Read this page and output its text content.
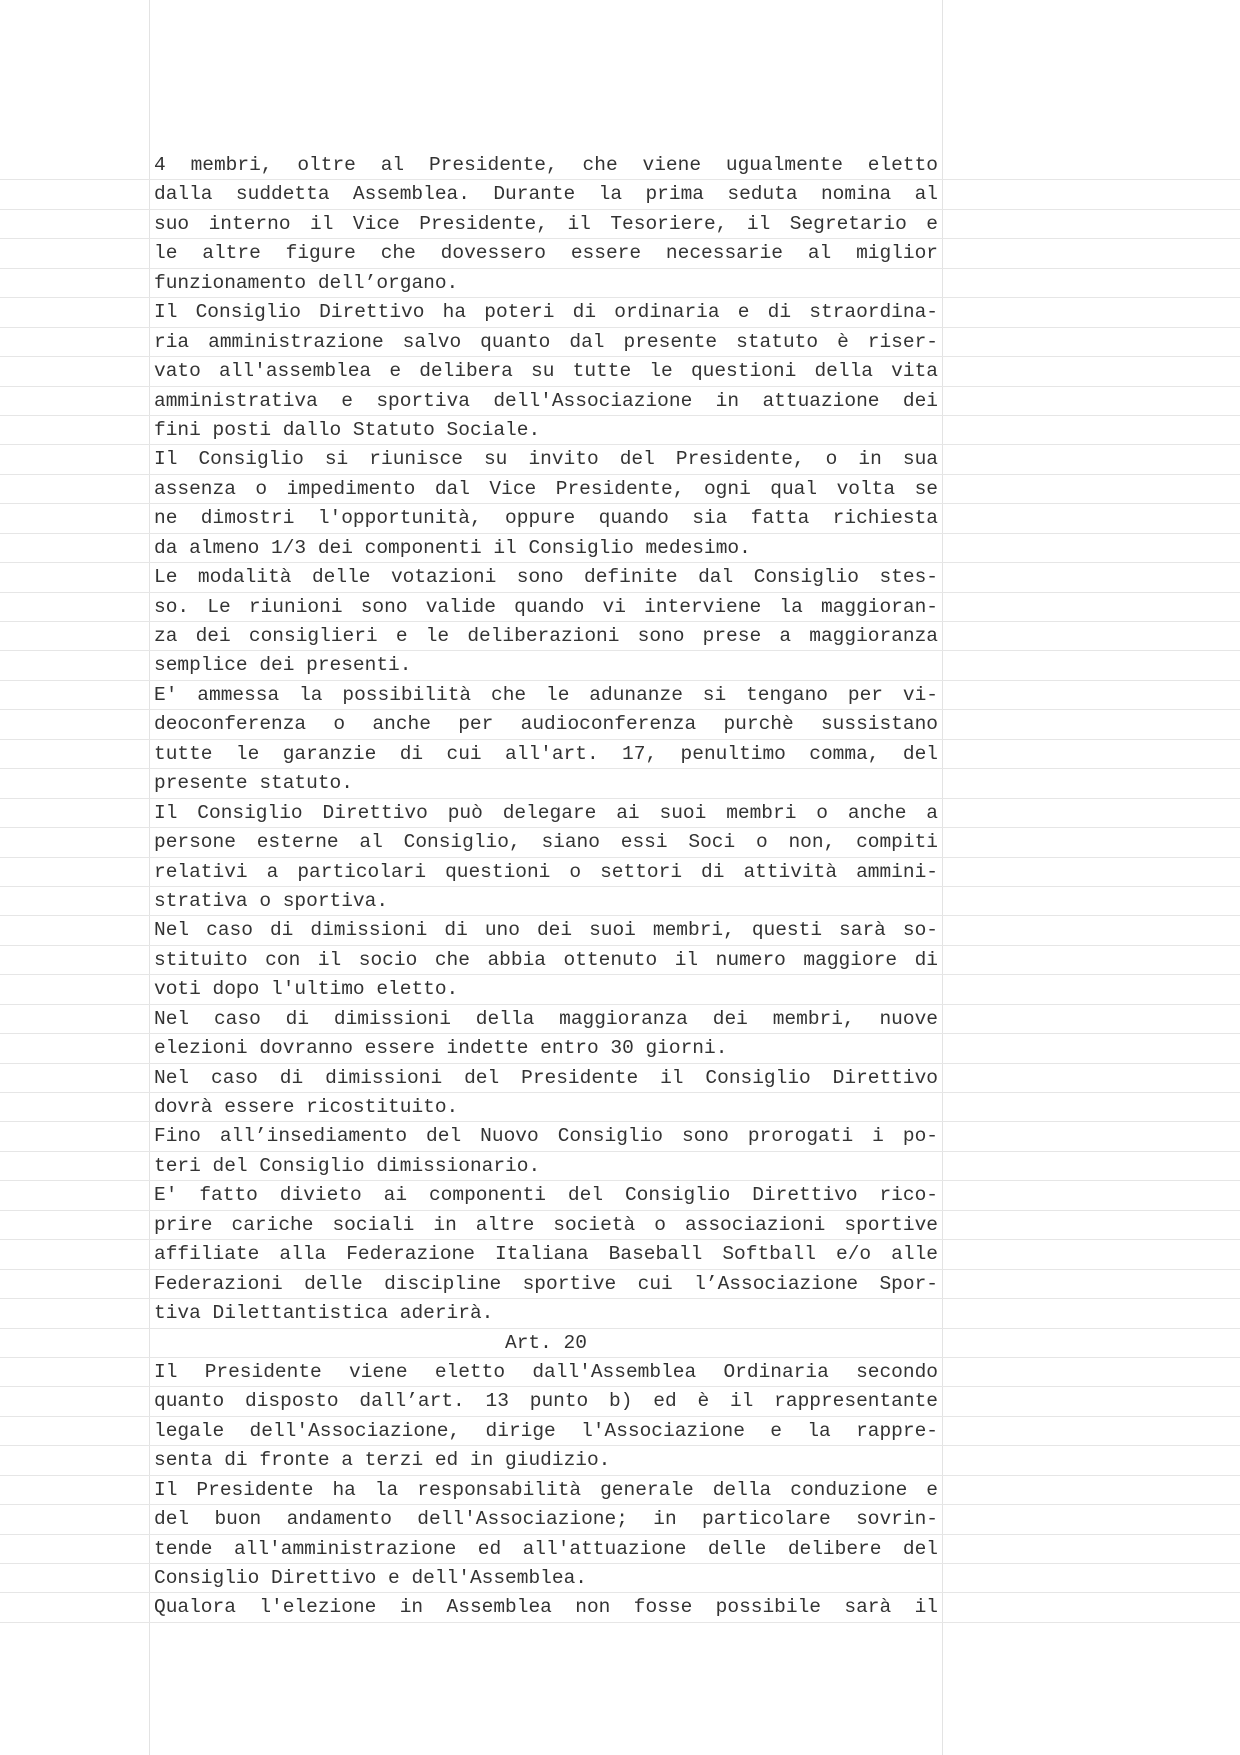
4 membri, oltre al Presidente, che viene ugualmente eletto
dalla suddetta Assemblea. Durante la prima seduta nomina al
suo interno il Vice Presidente, il Tesoriere, il Segretario e
le altre figure che dovessero essere necessarie al miglior
funzionamento dell’organo.
Il Consiglio Direttivo ha poteri di ordinaria e di straordina-
ria amministrazione salvo quanto dal presente statuto è riser-
vato all'assemblea e delibera su tutte le questioni della vita
amministrativa e sportiva dell'Associazione in attuazione dei
fini posti dallo Statuto Sociale.
Il Consiglio si riunisce su invito del Presidente, o in sua
assenza o impedimento dal Vice Presidente, ogni qual volta se
ne dimostri l'opportunità, oppure quando sia fatta richiesta
da almeno 1/3 dei componenti il Consiglio medesimo.
Le modalità delle votazioni sono definite dal Consiglio stes-
so. Le riunioni sono valide quando vi interviene la maggioran-
za dei consiglieri e le deliberazioni sono prese a maggioranza
semplice dei presenti.
E' ammessa la possibilità che le adunanze si tengano per vi-
deoconferenza o anche per audioconferenza purchè sussistano
tutte le garanzie di cui all'art. 17, penultimo comma, del
presente statuto.
Il Consiglio Direttivo può delegare ai suoi membri o anche a
persone esterne al Consiglio, siano essi Soci o non, compiti
relativi a particolari questioni o settori di attività ammini-
strativa o sportiva.
Nel caso di dimissioni di uno dei suoi membri, questi sarà so-
stituito con il socio che abbia ottenuto il numero maggiore di
voti dopo l'ultimo eletto.
Nel caso di dimissioni della maggioranza dei membri, nuove
elezioni dovranno essere indette entro 30 giorni.
Nel caso di dimissioni del Presidente il Consiglio Direttivo
dovrà essere ricostituito.
Fino all’insediamento del Nuovo Consiglio sono prorogati i po-
teri del Consiglio dimissionario.
E' fatto divieto ai componenti del Consiglio Direttivo rico-
prire cariche sociali in altre società o associazioni sportive
affiliate alla Federazione Italiana Baseball Softball e/o alle
Federazioni delle discipline sportive cui l’Associazione Spor-
tiva Dilettantistica aderirà.
Art. 20
Il Presidente viene eletto dall'Assemblea Ordinaria secondo
quanto disposto dall’art. 13 punto b) ed è il rappresentante
legale dell'Associazione, dirige l'Associazione e la rappre-
senta di fronte a terzi ed in giudizio.
Il Presidente ha la responsabilità generale della conduzione e
del buon andamento dell'Associazione; in particolare sovrin-
tende all'amministrazione ed all'attuazione delle delibere del
Consiglio Direttivo e dell'Assemblea.
Qualora l'elezione in Assemblea non fosse possibile sarà il
